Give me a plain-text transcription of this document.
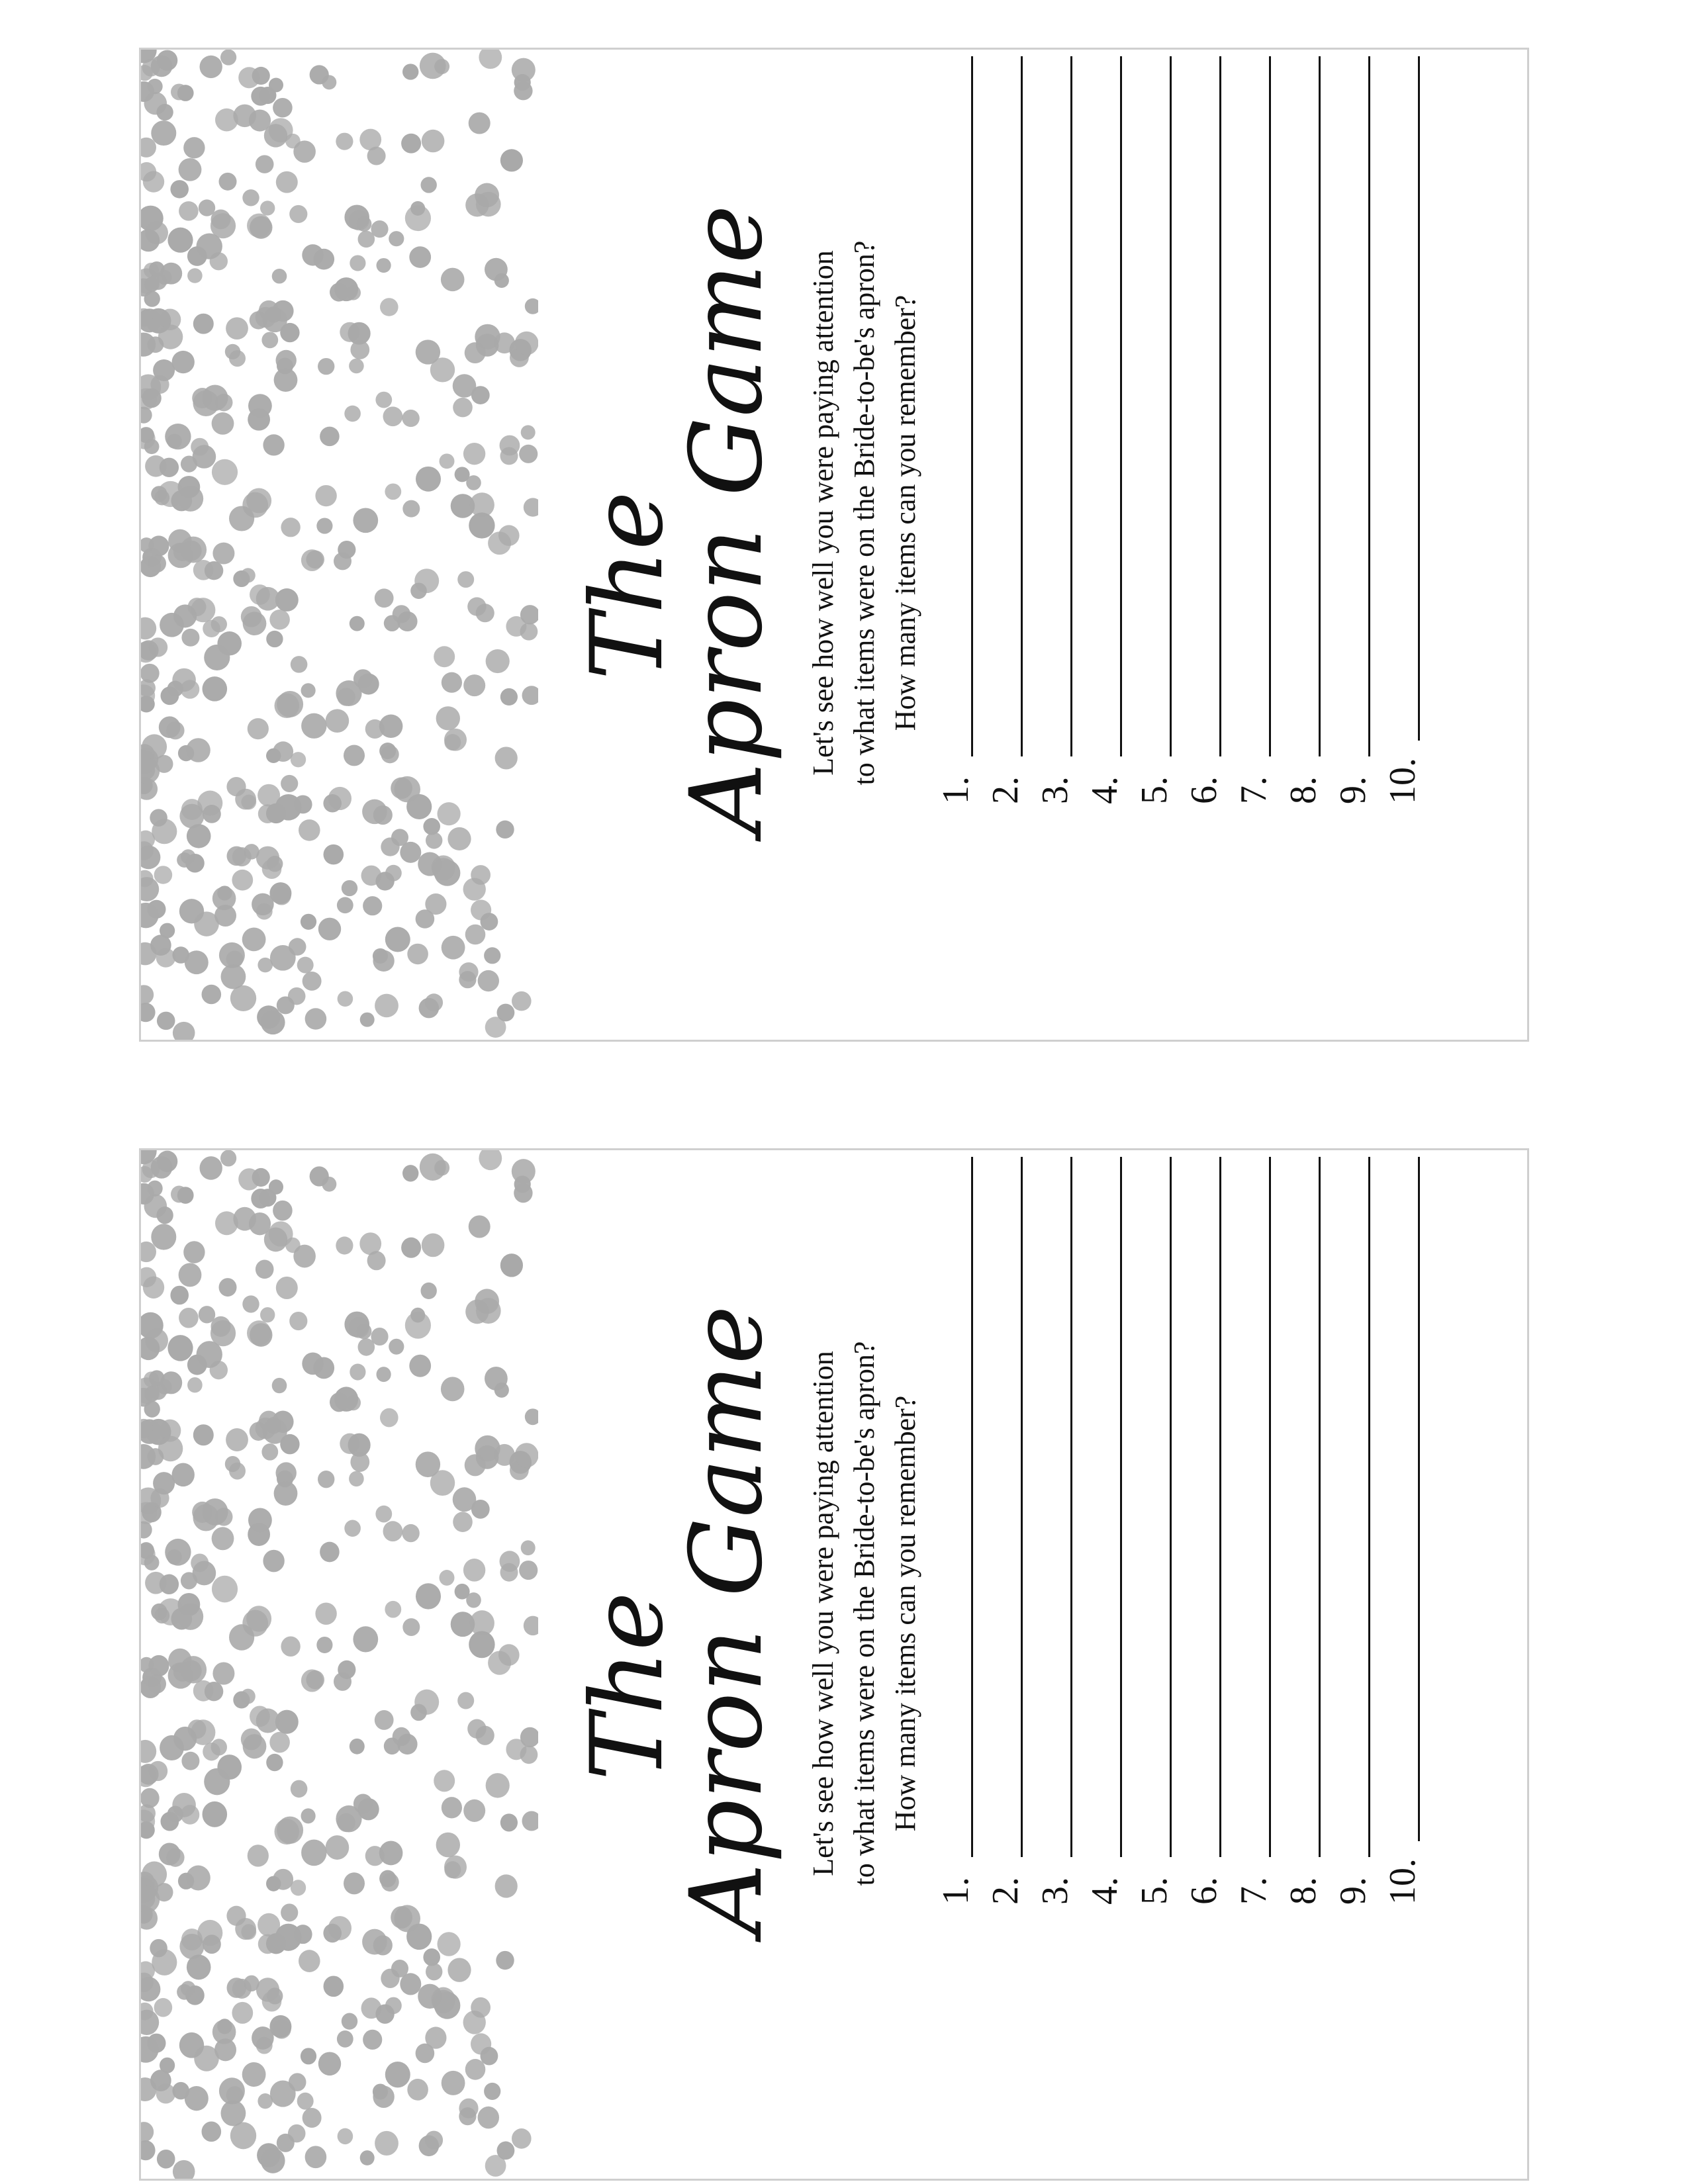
The
Apron Game Let's see how well you were paying attention to what items were on the Bride-to-be's apron? How many items can you remember?
1. 2. 3. 4. 5. 6. 7. 8. 9. 10.
The
Apron Game Let's see how well you were paying attention to what items were on the Bride-to-be's apron? How many items can you remember?
1. 2. 3. 4. 5. 6. 7. 8. 9. 10.
